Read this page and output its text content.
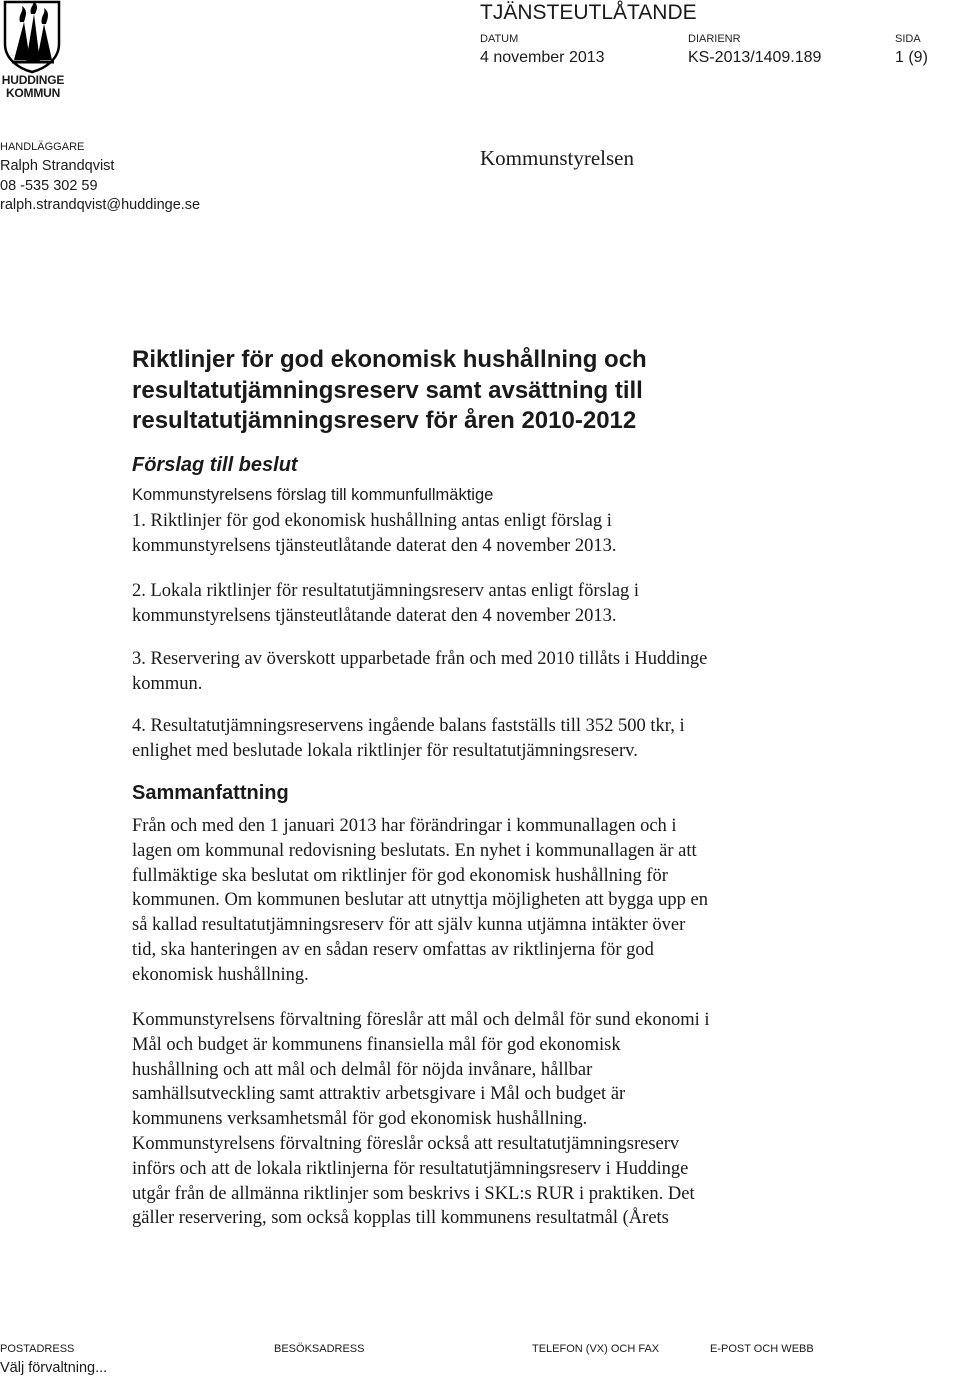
HUDDINGE
KOMMUN
TJÄNSTEUTLÅTANDE
DATUM	DIARIENR	SIDA
4 november 2013	KS-2013/1409.189	1 (9)
HANDLÄGGARE
Ralph Strandqvist
08 -535 302 59
ralph.strandqvist@huddinge.se
Kommunstyrelsen
Riktlinjer för god ekonomisk hushållning och resultatutjämningsreserv samt avsättning till resultatutjämningsreserv för åren 2010-2012
Förslag till beslut
Kommunstyrelsens förslag till kommunfullmäktige
1. Riktlinjer för god ekonomisk hushållning antas enligt förslag i
kommunstyrelsens tjänsteutlåtande daterat den 4 november 2013.
2. Lokala riktlinjer för resultatutjämningsreserv antas enligt förslag i
kommunstyrelsens tjänsteutlåtande daterat den 4 november 2013.
3. Reservering av överskott upparbetade från och med 2010 tillåts i Huddinge
kommun.
4. Resultatutjämningsreservens ingående balans fastställs till 352 500 tkr, i
enlighet med beslutade lokala riktlinjer för resultatutjämningsreserv.
Sammanfattning
Från och med den 1 januari 2013 har förändringar i kommunallagen och i
lagen om kommunal redovisning beslutats. En nyhet i kommunallagen är att
fullmäktige ska beslutat om riktlinjer för god ekonomisk hushållning för
kommunen. Om kommunen beslutar att utnyttja möjligheten att bygga upp en
så kallad resultatutjämningsreserv för att själv kunna utjämna intäkter över
tid, ska hanteringen av en sådan reserv omfattas av riktlinjerna för god
ekonomisk hushållning.
Kommunstyrelsens förvaltning föreslår att mål och delmål för sund ekonomi i
Mål och budget är kommunens finansiella mål för god ekonomisk
hushållning och att mål och delmål för nöjda invånare, hållbar
samhällsutveckling samt attraktiv arbetsgivare i Mål och budget är
kommunens verksamhetsmål för god ekonomisk hushållning.
Kommunstyrelsens förvaltning föreslår också att resultatutjämningsreserv
införs och att de lokala riktlinjerna för resultatutjämningsreserv i Huddinge
utgår från de allmänna riktlinjer som beskrivs i SKL:s RUR i praktiken. Det
gäller reservering, som också kopplas till kommunens resultatmål (Årets
POSTADRESS	BESÖKSADRESS	TELEFON (VX) OCH FAX	E-POST OCH WEBB
Välj förvaltning...
